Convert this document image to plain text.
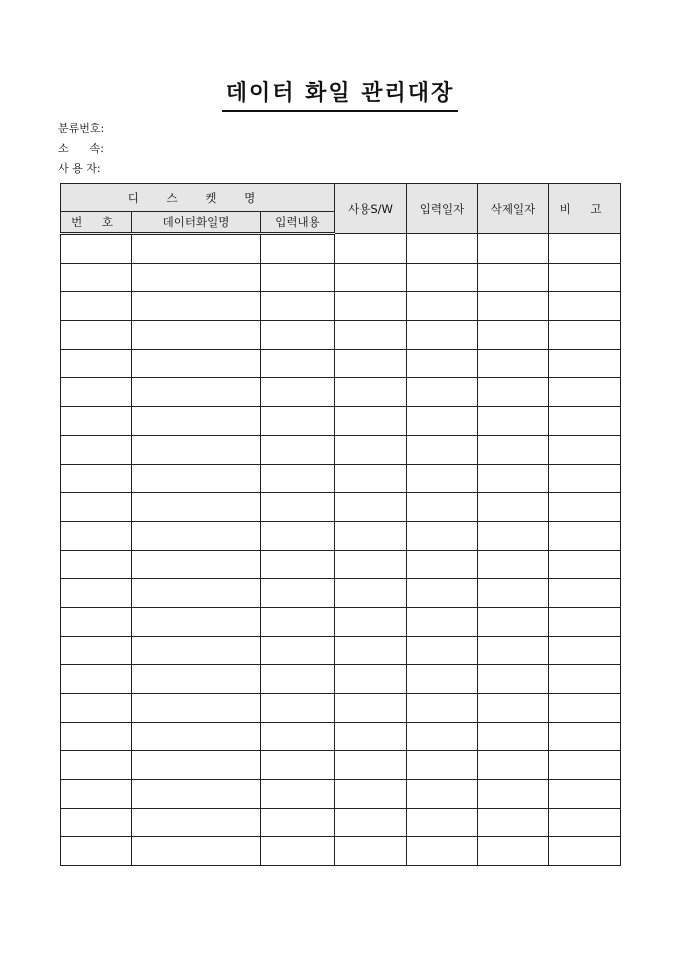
데이터 화일 관리대장
분류번호:
소      속:
사 용 자:
디 스 켓 명			사용S/W	입력일자	삭제일자	비 고
번 호	데이터화일명	입력내용				
